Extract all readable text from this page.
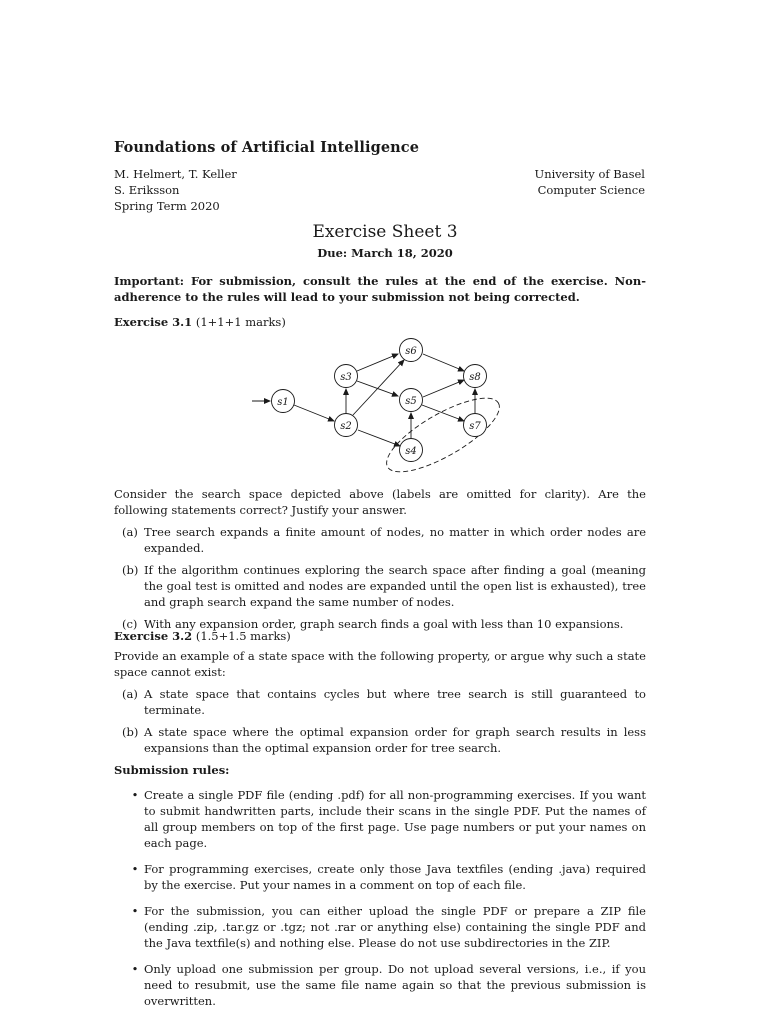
Foundations of Artificial Intelligence
M. Helmert, T. Keller
S. Eriksson
Spring Term 2020
University of Basel
Computer Science
Exercise Sheet 3
Due: March 18, 2020
Important: For submission, consult the rules at the end of the exercise. Non-adherence to the rules will lead to your submission not being corrected.
Exercise 3.1 (1+1+1 marks)
s1
s2
s3
s4
s5
s6
s7
s8
Consider the search space depicted above (labels are omitted for clarity). Are the following statements correct? Justify your answer.
(a) Tree search expands a finite amount of nodes, no matter in which order nodes are expanded.
(b) If the algorithm continues exploring the search space after finding a goal (meaning the goal test is omitted and nodes are expanded until the open list is exhausted), tree and graph search expand the same number of nodes.
(c) With any expansion order, graph search finds a goal with less than 10 expansions.
Exercise 3.2 (1.5+1.5 marks)
Provide an example of a state space with the following property, or argue why such a state space cannot exist:
(a) A state space that contains cycles but where tree search is still guaranteed to terminate.
(b) A state space where the optimal expansion order for graph search results in less expansions than the optimal expansion order for tree search.
Submission rules:
• Create a single PDF file (ending .pdf) for all non-programming exercises. If you want to submit handwritten parts, include their scans in the single PDF. Put the names of all group members on top of the first page. Use page numbers or put your names on each page.
• For programming exercises, create only those Java textfiles (ending .java) required by the exercise. Put your names in a comment on top of each file.
• For the submission, you can either upload the single PDF or prepare a ZIP file (ending .zip, .tar.gz or .tgz; not .rar or anything else) containing the single PDF and the Java textfile(s) and nothing else. Please do not use subdirectories in the ZIP.
• Only upload one submission per group. Do not upload several versions, i.e., if you need to resubmit, use the same file name again so that the previous submission is overwritten.
